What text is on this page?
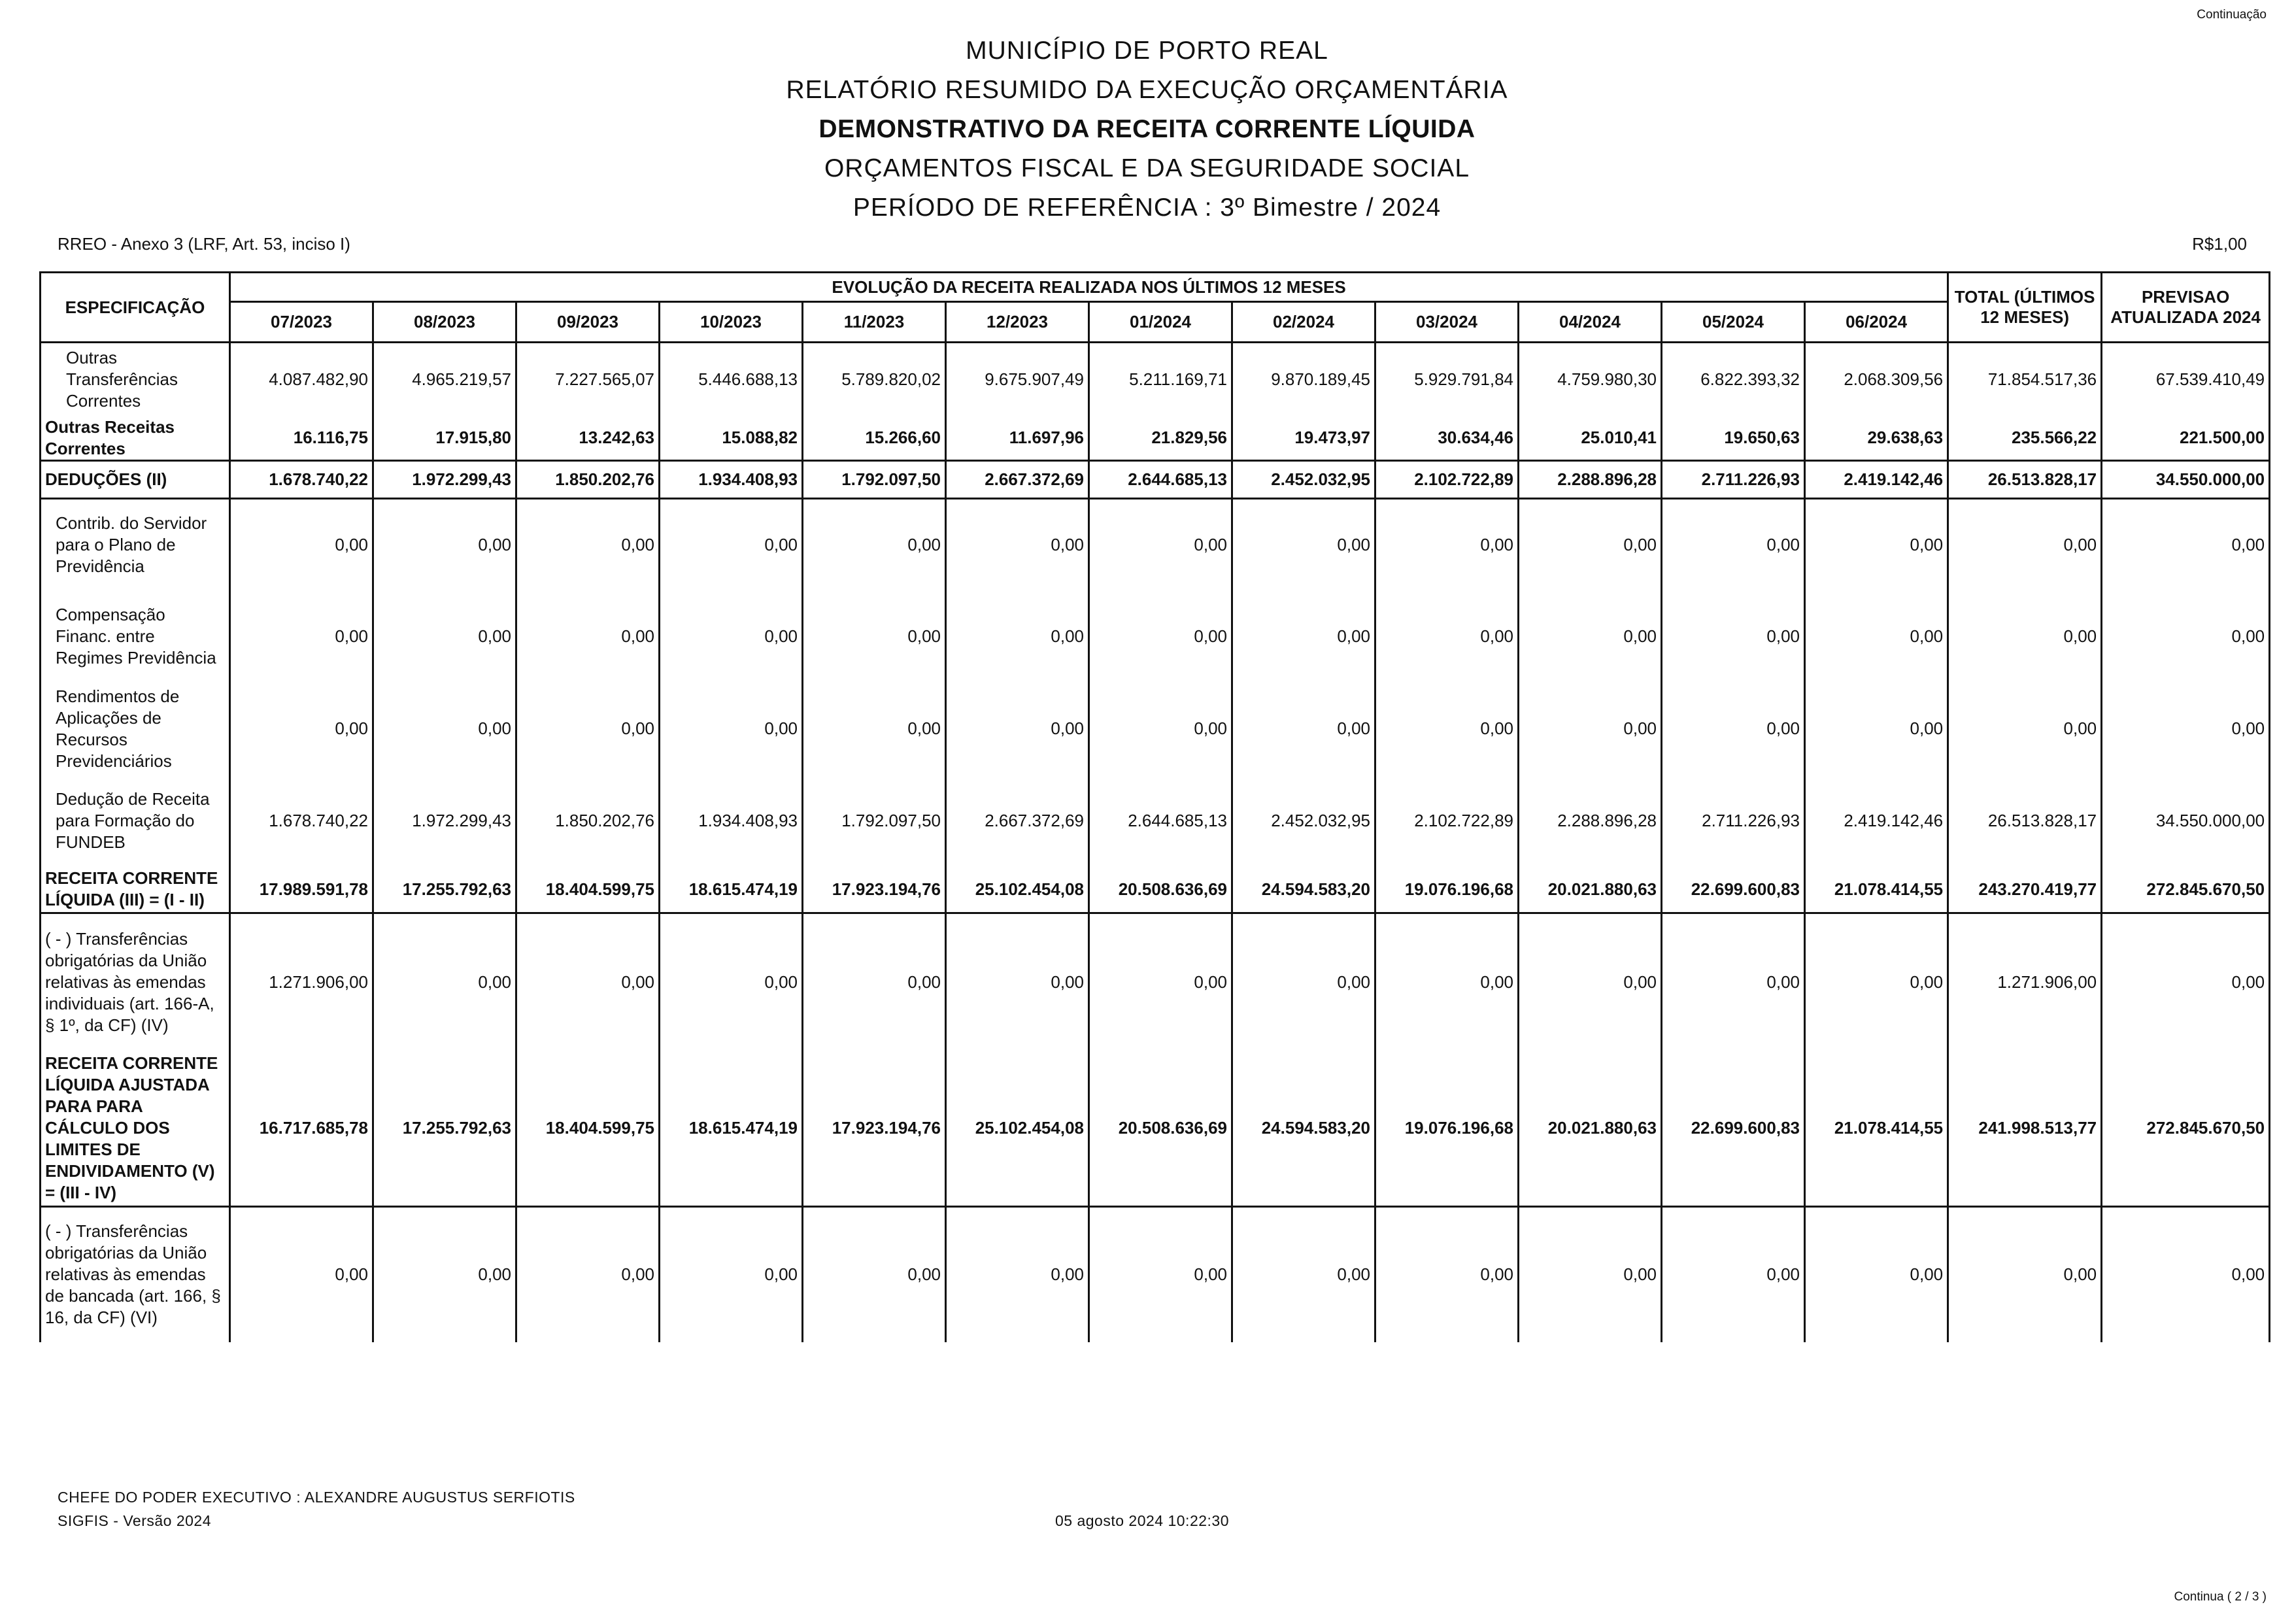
Continuação
MUNICÍPIO DE PORTO REAL
RELATÓRIO RESUMIDO DA EXECUÇÃO ORÇAMENTÁRIA
DEMONSTRATIVO DA RECEITA CORRENTE LÍQUIDA
ORÇAMENTOS FISCAL E DA SEGURIDADE SOCIAL
PERÍODO DE REFERÊNCIA : 3º Bimestre / 2024
RREO - Anexo 3 (LRF, Art. 53, inciso I)	R$1,00
ESPECIFICAÇÃO	EVOLUÇÃO DA RECEITA REALIZADA NOS ÚLTIMOS 12 MESES												TOTAL (ÚLTIMOS 12 MESES)	PREVISAO ATUALIZADA 2024
	07/2023	08/2023	09/2023	10/2023	11/2023	12/2023	01/2024	02/2024	03/2024	04/2024	05/2024	06/2024		
Outras Transferências Correntes	4.087.482,90	4.965.219,57	7.227.565,07	5.446.688,13	5.789.820,02	9.675.907,49	5.211.169,71	9.870.189,45	5.929.791,84	4.759.980,30	6.822.393,32	2.068.309,56	71.854.517,36	67.539.410,49
Outras Receitas Correntes	16.116,75	17.915,80	13.242,63	15.088,82	15.266,60	11.697,96	21.829,56	19.473,97	30.634,46	25.010,41	19.650,63	29.638,63	235.566,22	221.500,00
DEDUÇÕES (II)	1.678.740,22	1.972.299,43	1.850.202,76	1.934.408,93	1.792.097,50	2.667.372,69	2.644.685,13	2.452.032,95	2.102.722,89	2.288.896,28	2.711.226,93	2.419.142,46	26.513.828,17	34.550.000,00
Contrib. do Servidor para o Plano de Previdência	0,00	0,00	0,00	0,00	0,00	0,00	0,00	0,00	0,00	0,00	0,00	0,00	0,00	0,00
Compensação Financ. entre Regimes Previdência	0,00	0,00	0,00	0,00	0,00	0,00	0,00	0,00	0,00	0,00	0,00	0,00	0,00	0,00
Rendimentos de Aplicações de Recursos Previdenciários	0,00	0,00	0,00	0,00	0,00	0,00	0,00	0,00	0,00	0,00	0,00	0,00	0,00	0,00
Dedução de Receita para Formação do FUNDEB	1.678.740,22	1.972.299,43	1.850.202,76	1.934.408,93	1.792.097,50	2.667.372,69	2.644.685,13	2.452.032,95	2.102.722,89	2.288.896,28	2.711.226,93	2.419.142,46	26.513.828,17	34.550.000,00
RECEITA CORRENTE LÍQUIDA (III) = (I - II)	17.989.591,78	17.255.792,63	18.404.599,75	18.615.474,19	17.923.194,76	25.102.454,08	20.508.636,69	24.594.583,20	19.076.196,68	20.021.880,63	22.699.600,83	21.078.414,55	243.270.419,77	272.845.670,50
( - ) Transferências obrigatórias da União relativas às emendas individuais (art. 166-A, § 1º, da CF) (IV)	1.271.906,00	0,00	0,00	0,00	0,00	0,00	0,00	0,00	0,00	0,00	0,00	0,00	1.271.906,00	0,00
RECEITA CORRENTE LÍQUIDA AJUSTADA PARA PARA CÁLCULO DOS LIMITES DE ENDIVIDAMENTO (V) = (III - IV)	16.717.685,78	17.255.792,63	18.404.599,75	18.615.474,19	17.923.194,76	25.102.454,08	20.508.636,69	24.594.583,20	19.076.196,68	20.021.880,63	22.699.600,83	21.078.414,55	241.998.513,77	272.845.670,50
( - ) Transferências obrigatórias da União relativas às emendas de bancada (art. 166, § 16, da CF) (VI)	0,00	0,00	0,00	0,00	0,00	0,00	0,00	0,00	0,00	0,00	0,00	0,00	0,00	0,00
CHEFE DO PODER EXECUTIVO : ALEXANDRE AUGUSTUS SERFIOTIS
SIGFIS - Versão 2024	05 agosto 2024 10:22:30
Continua ( 2 / 3 )
